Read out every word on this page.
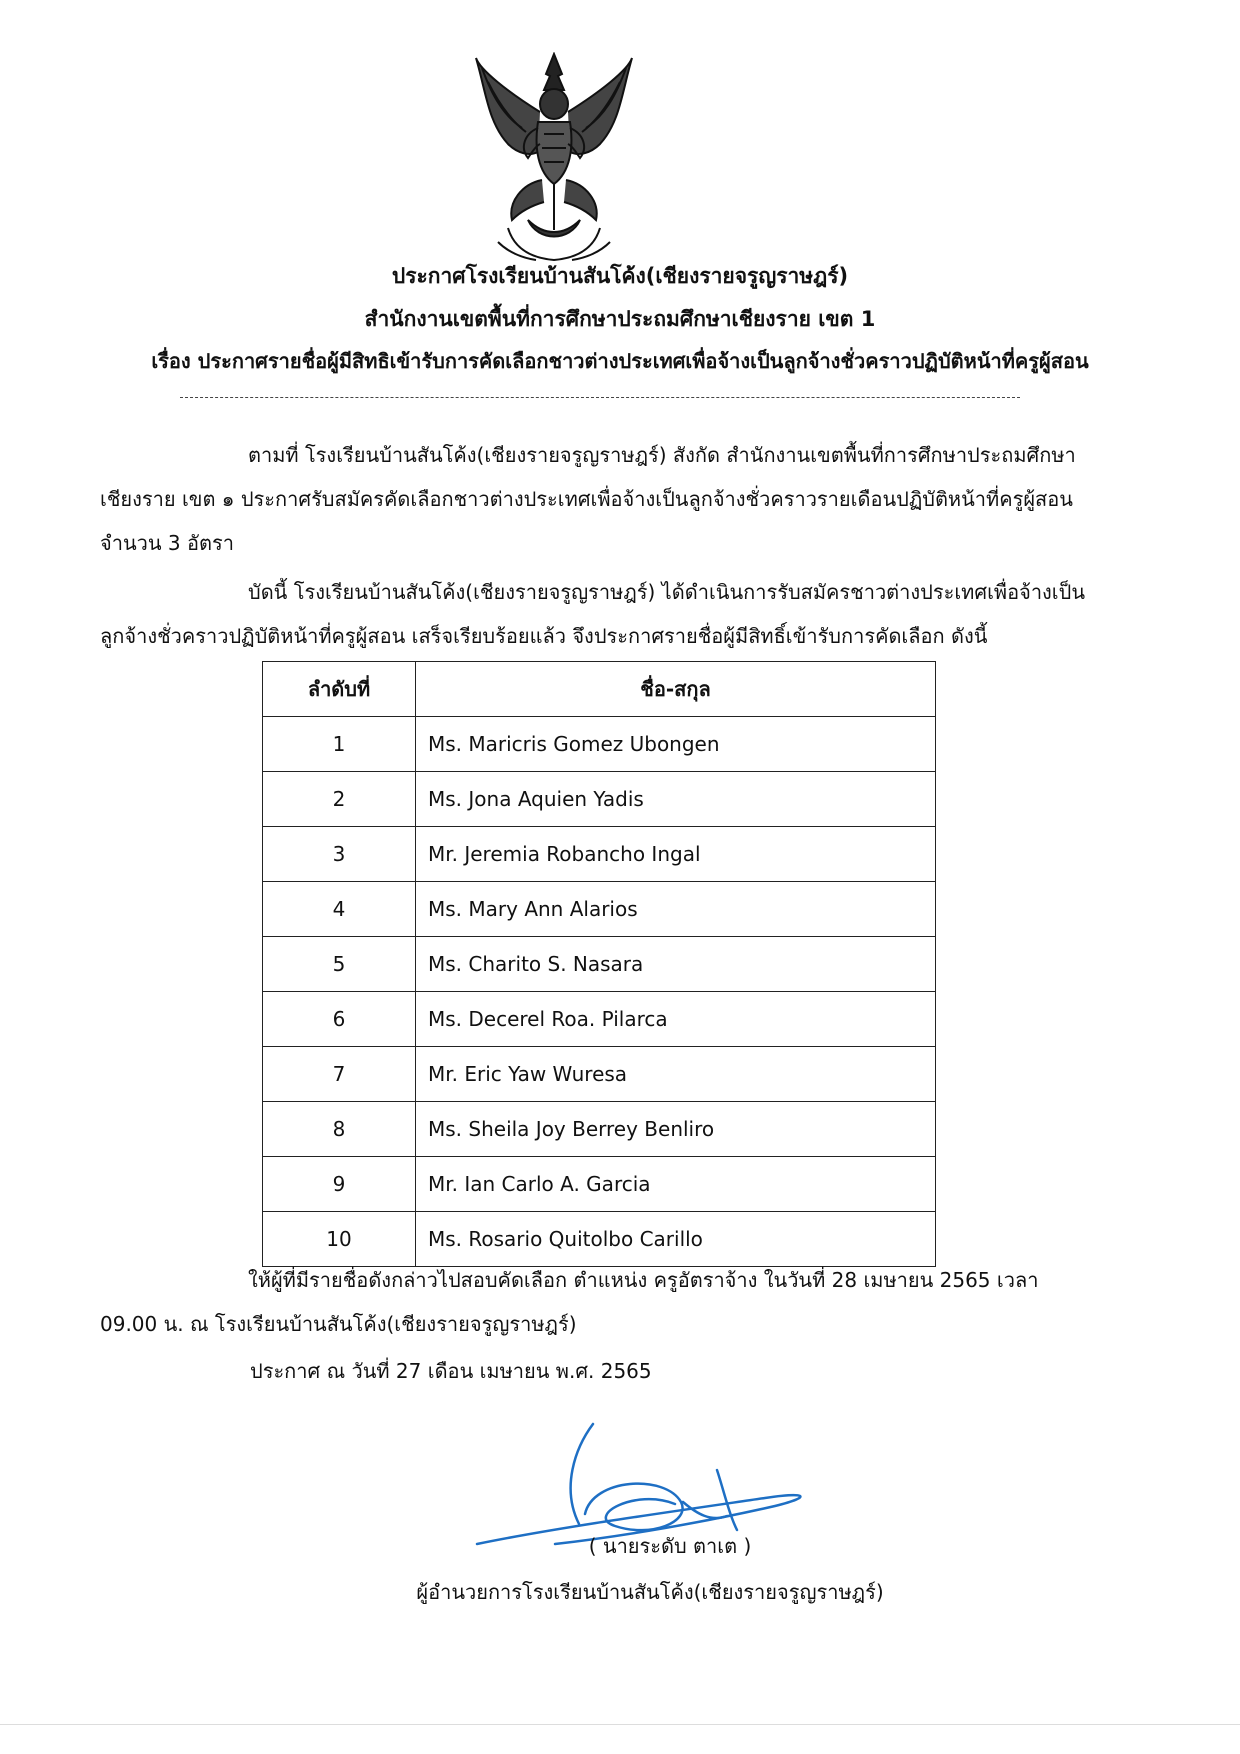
ประกาศโรงเรียนบ้านสันโค้ง(เชียงรายจรูญราษฎร์)
สำนักงานเขตพื้นที่การศึกษาประถมศึกษาเชียงราย เขต 1
เรื่อง ประกาศรายชื่อผู้มีสิทธิเข้ารับการคัดเลือกชาวต่างประเทศเพื่อจ้างเป็นลูกจ้างชั่วคราวปฏิบัติหน้าที่ครูผู้สอน

ตามที่ โรงเรียนบ้านสันโค้ง(เชียงรายจรูญราษฎร์) สังกัด สำนักงานเขตพื้นที่การศึกษาประถมศึกษาเชียงราย เขต ๑ ประกาศรับสมัครคัดเลือกชาวต่างประเทศเพื่อจ้างเป็นลูกจ้างชั่วคราวรายเดือนปฏิบัติหน้าที่ครูผู้สอน จำนวน 3 อัตรา

บัดนี้ โรงเรียนบ้านสันโค้ง(เชียงรายจรูญราษฎร์) ได้ดำเนินการรับสมัครชาวต่างประเทศเพื่อจ้างเป็นลูกจ้างชั่วคราวปฏิบัติหน้าที่ครูผู้สอน เสร็จเรียบร้อยแล้ว จึงประกาศรายชื่อผู้มีสิทธิ์เข้ารับการคัดเลือก ดังนี้

ลำดับที่	ชื่อ-สกุล
1	Ms. Maricris Gomez Ubongen
2	Ms. Jona Aquien Yadis
3	Mr. Jeremia Robancho Ingal
4	Ms. Mary Ann Alarios
5	Ms. Charito S. Nasara
6	Ms. Decerel Roa. Pilarca
7	Mr. Eric Yaw Wuresa
8	Ms. Sheila Joy Berrey Benliro
9	Mr. Ian Carlo A. Garcia
10	Ms. Rosario Quitolbo Carillo

ให้ผู้ที่มีรายชื่อดังกล่าวไปสอบคัดเลือก ตำแหน่ง ครูอัตราจ้าง ในวันที่ 28 เมษายน 2565 เวลา 09.00 น. ณ โรงเรียนบ้านสันโค้ง(เชียงรายจรูญราษฎร์)

ประกาศ ณ วันที่ 27 เดือน เมษายน พ.ศ. 2565

( นายระดับ ตาเต )
ผู้อำนวยการโรงเรียนบ้านสันโค้ง(เชียงรายจรูญราษฎร์)
